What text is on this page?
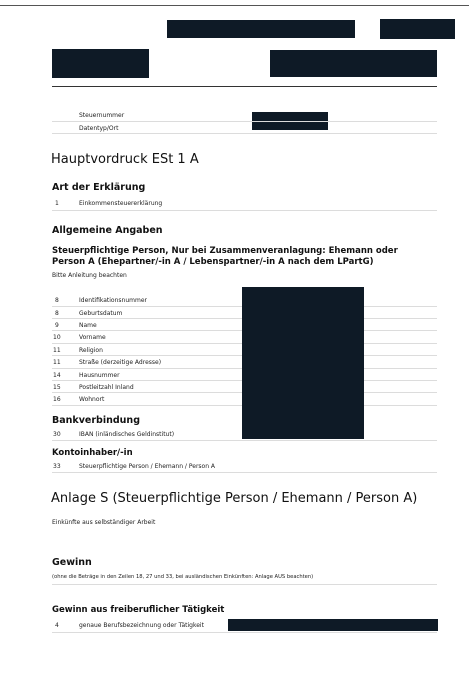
Steuernummer
Datentyp/Ort
Hauptvordruck ESt 1 A
Art der Erklärung
1	Einkommensteuererklärung
Allgemeine Angaben
Steuerpflichtige Person, Nur bei Zusammenveranlagung: Ehemann oder Person A (Ehepartner/-in A / Lebenspartner/-in A nach dem LPartG)
Bitte Anleitung beachten
8	Identifikationsnummer
8	Geburtsdatum
9	Name
10	Vorname
11	Religion
11	Straße (derzeitige Adresse)
14	Hausnummer
15	Postleitzahl Inland
16	Wohnort
Bankverbindung
30	IBAN (inländisches Geldinstitut)
Kontoinhaber/-in
33	Steuerpflichtige Person / Ehemann / Person A
Anlage S (Steuerpflichtige Person / Ehemann / Person A)
Einkünfte aus selbständiger Arbeit
Gewinn
(ohne die Beträge in den Zeilen 18, 27 und 33, bei ausländischen Einkünften: Anlage AUS beachten)
Gewinn aus freiberuflicher Tätigkeit
4	genaue Berufsbezeichnung oder Tätigkeit
